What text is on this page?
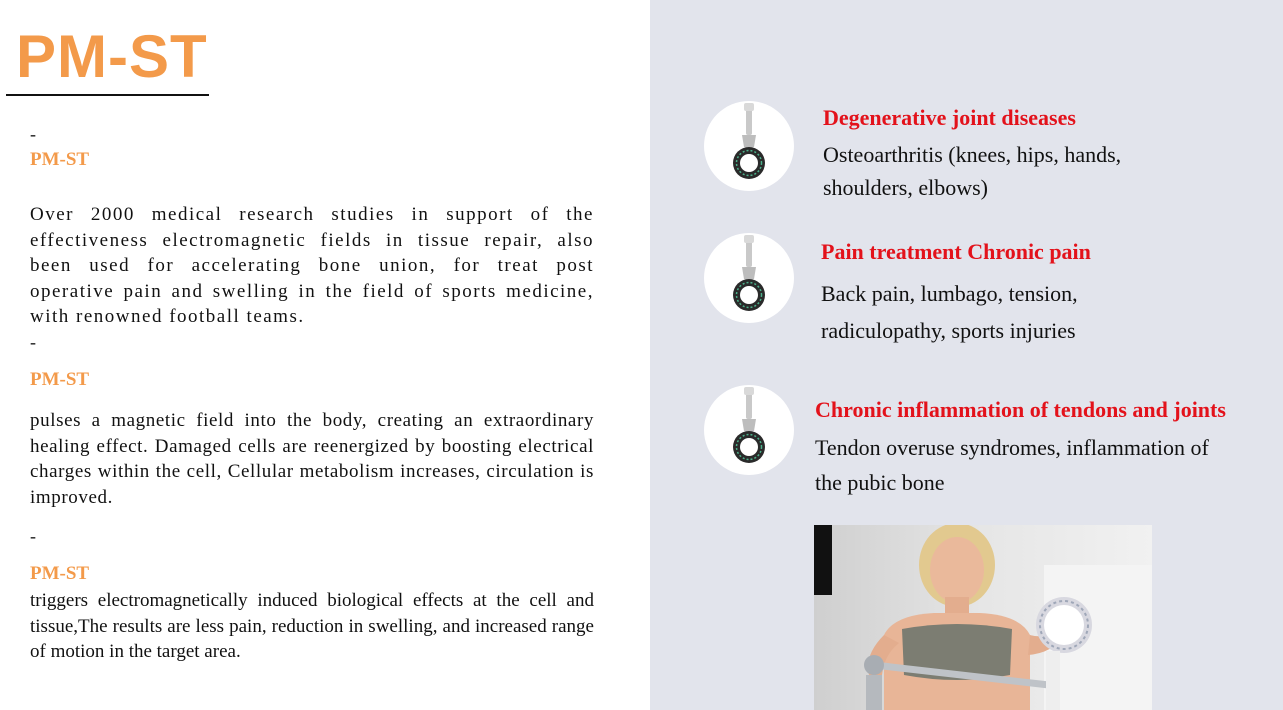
PM-ST
-
PM-ST
Over 2000 medical research studies in support of the effectiveness electromagnetic fields in tissue repair, also been used for accelerating bone union, for treat post operative pain and swelling in the field of sports medicine, with renowned football teams.
-
PM-ST
pulses a magnetic field into the body, creating an extraordinary healing effect. Damaged cells are reenergized by boosting electrical charges within the cell, Cellular metabolism increases, circulation is improved.
-
PM-ST
triggers electromagnetically induced biological effects at the cell and tissue,The results are less pain, reduction in swelling, and increased range of motion in the target area.
Degenerative joint diseases
Osteoarthritis (knees, hips, hands,
shoulders, elbows)
Pain treatment Chronic pain
Back pain, lumbago, tension,
radiculopathy, sports injuries
Chronic inflammation of tendons and joints
Tendon overuse syndromes, inflammation of
the pubic bone
